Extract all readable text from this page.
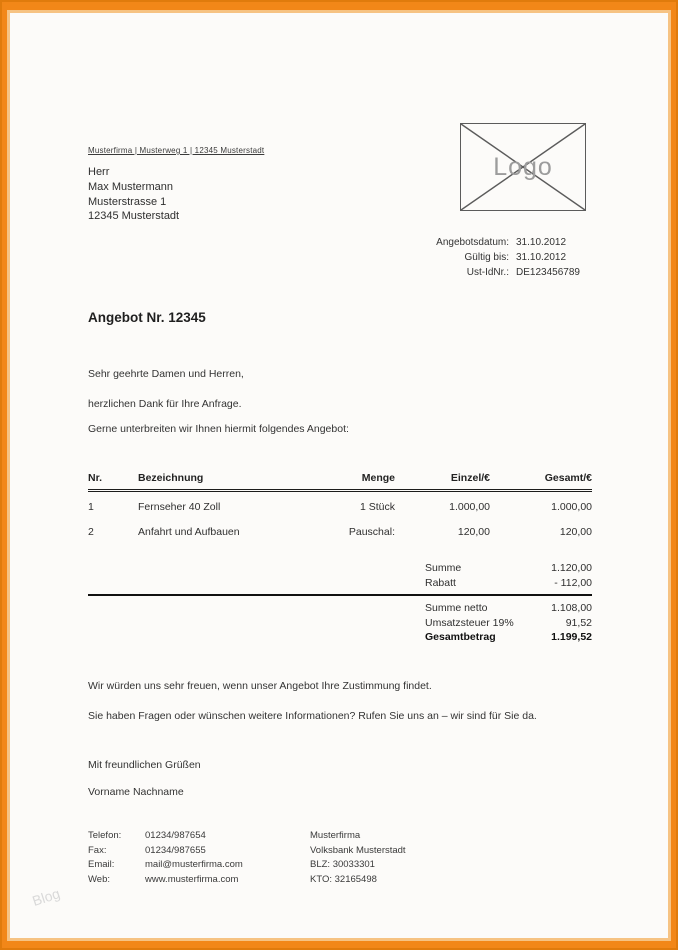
Blog
Musterfirma | Musterweg 1 | 12345 Musterstadt
Herr
Max Mustermann
Musterstrasse 1
12345 Musterstadt
Logo
Angebotsdatum: 31.10.2012
Gültig bis: 31.10.2012
Ust-IdNr.: DE123456789
Angebot Nr. 12345
Sehr geehrte Damen und Herren,
herzlichen Dank für Ihre Anfrage.
Gerne unterbreiten wir Ihnen hiermit folgendes Angebot:
Nr.	Bezeichnung	Menge	Einzel/€	Gesamt/€
1	Fernseher 40 Zoll	1 Stück	1.000,00	1.000,00
2	Anfahrt und Aufbauen	Pauschal:	120,00	120,00
Summe	1.120,00
Rabatt	- 112,00
Summe netto	1.108,00
Umsatzsteuer 19%	91,52
Gesamtbetrag	1.199,52
Wir würden uns sehr freuen, wenn unser Angebot Ihre Zustimmung findet.
Sie haben Fragen oder wünschen weitere Informationen? Rufen Sie uns an – wir sind für Sie da.
Mit freundlichen Grüßen
Vorname Nachname
Telefon:	01234/987654
Fax:	01234/987655
Email:	mail@musterfirma.com
Web:	www.musterfirma.com
Musterfirma
Volksbank Musterstadt
BLZ: 30033301
KTO: 32165498
